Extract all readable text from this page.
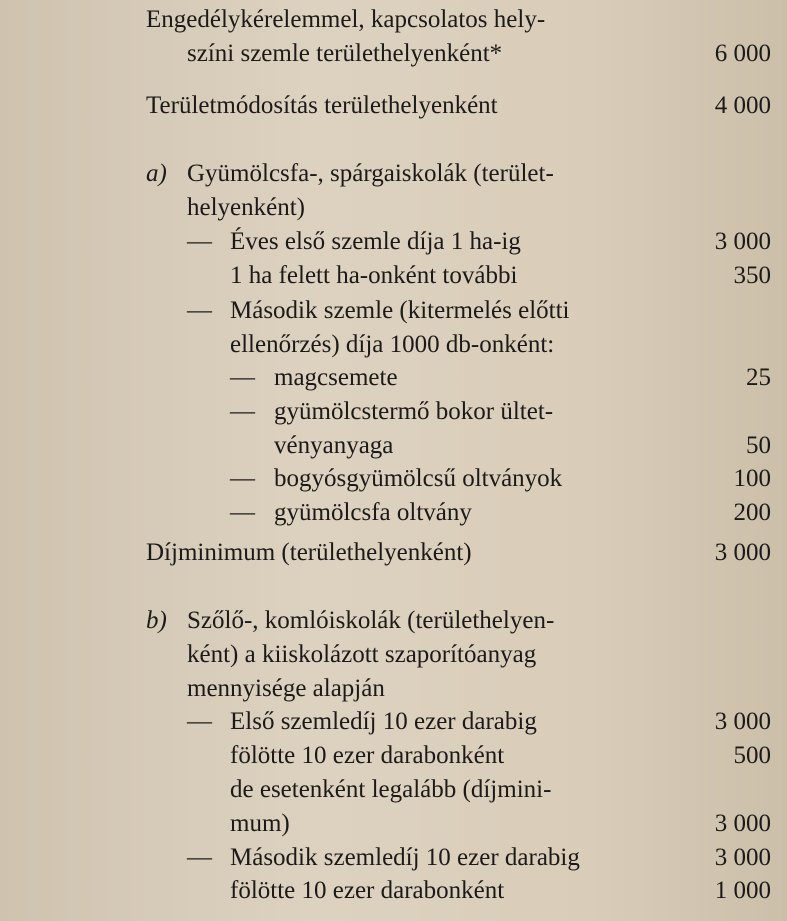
Engedélykérelemmel, kapcsolatos hely-
színi szemle területhelyenként*	6 000
Területmódosítás területhelyenként	4 000
a) Gyümölcsfa-, spárgaiskolák (terület-
helyenként)
— Éves első szemle díja 1 ha-ig	3 000
1 ha felett ha-onként további	350
— Második szemle (kitermelés előtti
ellenőrzés) díja 1000 db-onként:
— magcsemete	25
— gyümölcstermő bokor ültet-
vényanyaga	50
— bogyósgyümölcsű oltványok	100
— gyümölcsfa oltvány	200
Díjminimum (területhelyenként)	3 000
b) Szőlő-, komlóiskolák (területhelyen-
ként) a kiiskolázott szaporítóanyag
mennyisége alapján
— Első szemledíj 10 ezer darabig	3 000
fölötte 10 ezer darabonként	500
de esetenként legalább (díjmini-
mum)	3 000
— Második szemledíj 10 ezer darabig	3 000
fölötte 10 ezer darabonként	1 000
